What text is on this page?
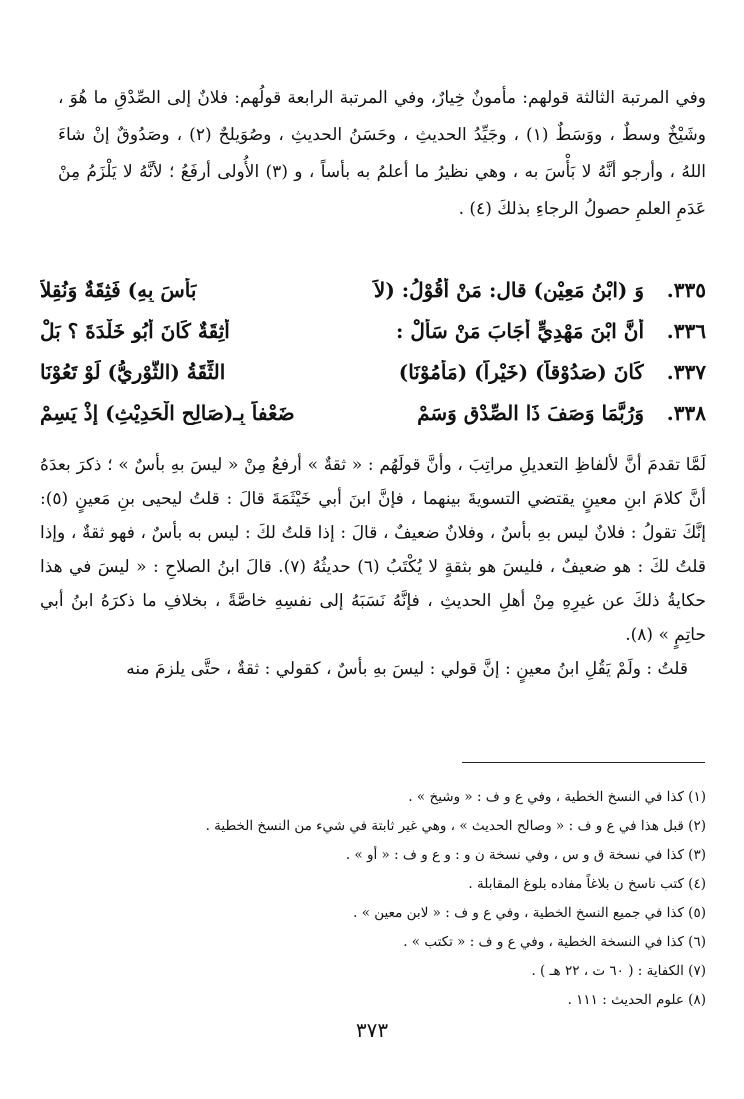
وفي المرتبة الثالثة قولهم: مأمونٌ خِيارٌ، وفي المرتبة الرابعة قولُهم: فلانٌ إلى الصِّدْقِ ما هُوَ ، وشَيْخٌ وسطٌ ، ووَسَطٌ (١) ، وجَيِّدُ الحديثِ ، وحَسَنُ الحديثِ ، وصُوَيلحٌ (٢) ، وصَدُوقٌ إنْ شاءَ اللهُ ، وأرجو أنَّهُ لا بَأْسَ به ، وهي نظيرُ ما أعلمُ به بأساً ، و (٣) الأُولى أرفَعُ ؛ لأنَّهُ لا يَلْزَمُ مِنْ عَدَمِ العلمِ حصولُ الرجاءِ بذلكَ (٤) .

٣٣٥.
وَ (ابْنُ مَعِيْنٍ) قال: مَنْ أَقُوْلُ: (لاَ
بَأْسَ بِهِ) فَثِقَةٌ وَنُقِلاَ
٣٣٦.
أَنَّ ابْنَ مَهْدِيٍّ أَجَابَ مَنْ سَأَلْ :
أَثِقَةٌ كَانَ أَبُو خَلْدَةَ ؟ بَلْ
٣٣٧.
كَانَ (صَدُوْقاً) (خَيْراً) (مَأْمُوْنَا)
الثِّقَةُ (الثَّوْرِيُّ) لَوْ تَعُوْنَا
٣٣٨.
وَرُبَّمَا وَصَفَ ذَا الصِّدْقِ وَسَمْ
ضَعْفاً بِـ(صَالِحِ الْحَدِيْثِ) إِذْ يَسِمْ

لَمَّا تقدمَ أنَّ لألفاظِ التعديلِ مراتِبَ ، وأنَّ قولَهُم : « ثقةٌ » أرفعُ مِنْ « ليسَ بهِ بأسٌ » ؛ ذكرَ بعدَهُ أنَّ كلامَ ابنِ معينٍ يقتضي التسويةَ بينهما ، فإنَّ ابنَ أبي خَيْثَمَةَ قالَ : قلتُ ليحيى بنِ مَعينٍ (٥): إنَّكَ تقولُ : فلانٌ ليس بهِ بأسٌ ، وفلانٌ ضعيفٌ ، قالَ : إذا قلتُ لكَ : ليس به بأسٌ ، فهو ثقةٌ ، وإذا قلتُ لكَ : هو ضعيفٌ ، فليسَ هو بثقةٍ لا يُكْتَبُ (٦) حديثُهُ (٧). قالَ ابنُ الصلاحِ : « ليسَ في هذا حكايةُ ذلكَ عن غيرِهِ مِنْ أهلِ الحديثِ ، فإنَّهُ نَسَبَهُ إلى نفسِهِ خاصَّةً ، بخلافِ ما ذكرَهُ ابنُ أبي حاتِمٍ » (٨).

قلتُ : ولَمْ يَقُلِ ابنُ معينٍ : إنَّ قولي : ليسَ بهِ بأسٌ ، كقولي : ثقةٌ ، حتَّى يلزمَ منه

(١) كذا في النسخ الخطية ، وفي ع و ف : « وشيخ » .
(٢) قبل هذا في ع و ف : « وصالح الحديث » ، وهي غير ثابتة في شيء من النسخ الخطية .
(٣) كذا في نسخة ق و س ، وفي نسخة ن و : و ع و ف : « أو » .
(٤) كتب ناسخ ن بلاغاً مفاده بلوغ المقابلة .
(٥) كذا في جميع النسخ الخطية ، وفي ع و ف : « لابن معين » .
(٦) كذا في النسخة الخطية ، وفي ع و ف : « تكتب » .
(٧) الكفاية : ( ٦٠ ت ، ٢٢ هـ ) .
(٨) علوم الحديث : ١١١ .
٣٧٣
